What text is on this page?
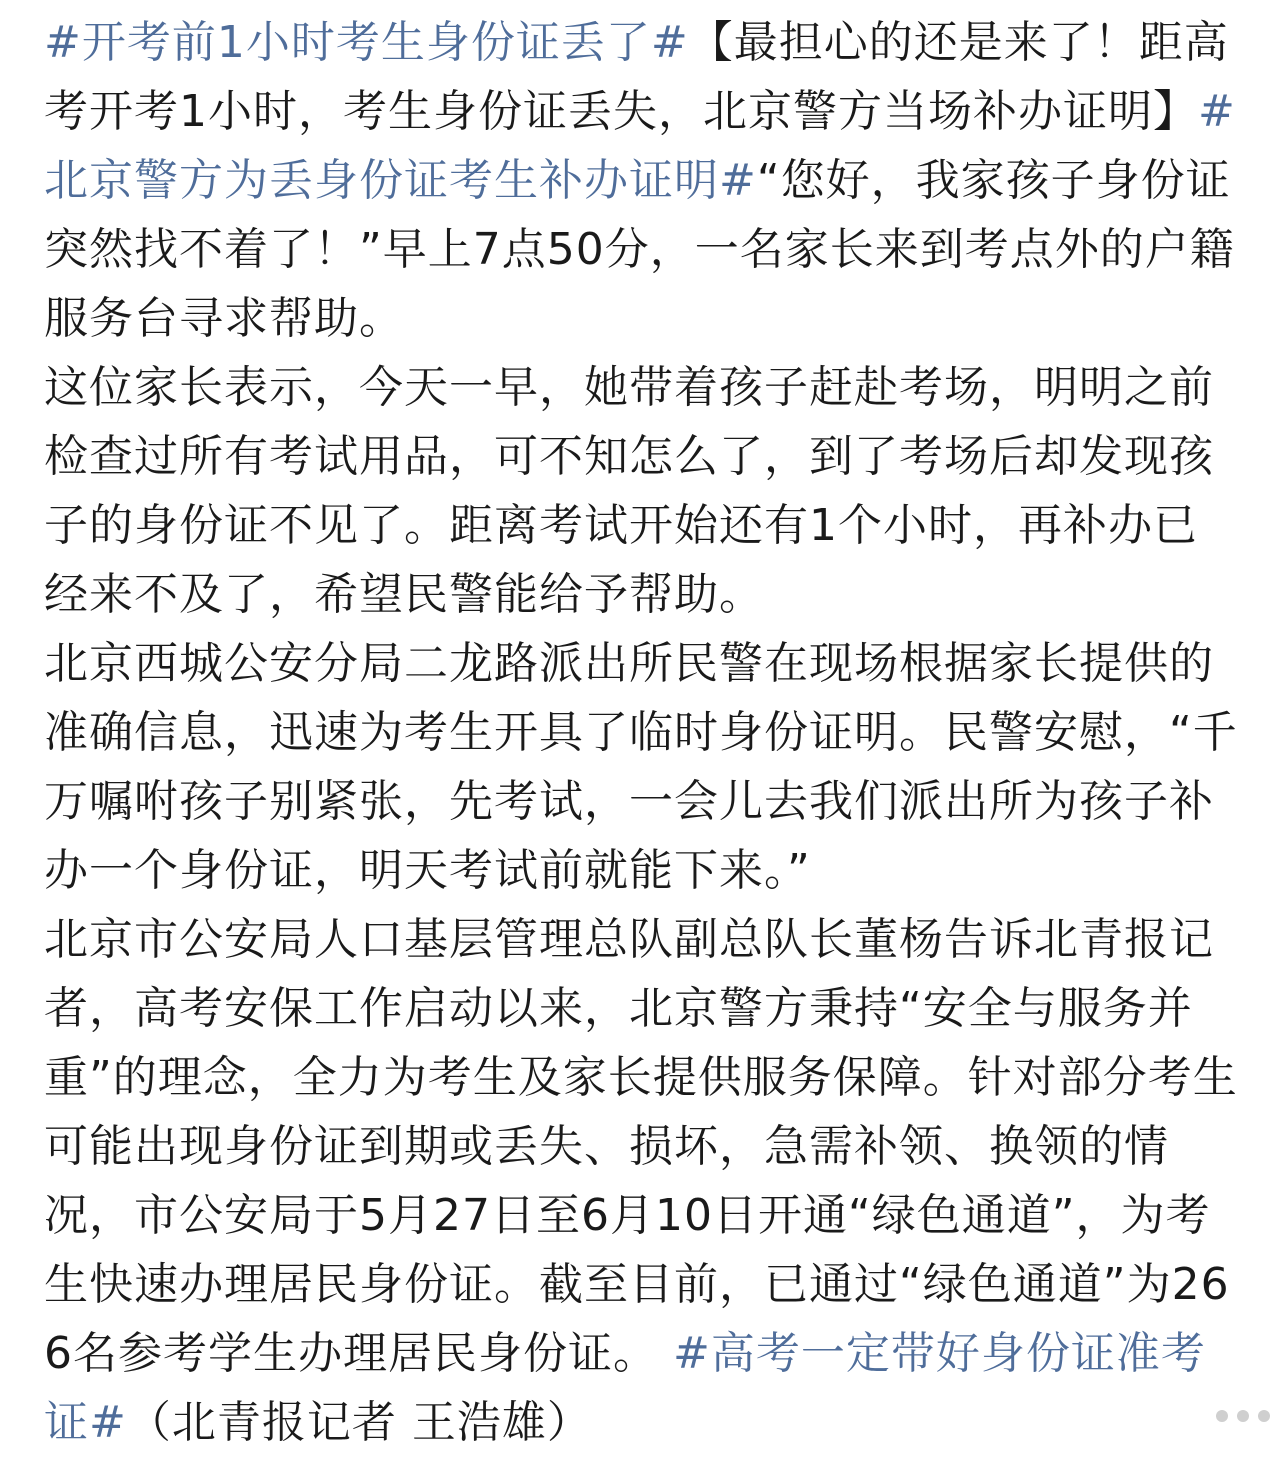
#开考前1小时考生身份证丢了#【最担心的还是来了！距高考开考1小时，考生身份证丢失，北京警方当场补办证明】#北京警方为丢身份证考生补办证明#“您好，我家孩子身份证突然找不着了！”早上7点50分，一名家长来到考点外的户籍服务台寻求帮助。

这位家长表示，今天一早，她带着孩子赶赴考场，明明之前检查过所有考试用品，可不知怎么了，到了考场后却发现孩子的身份证不见了。距离考试开始还有1个小时，再补办已经来不及了，希望民警能给予帮助。

北京西城公安分局二龙路派出所民警在现场根据家长提供的准确信息，迅速为考生开具了临时身份证明。民警安慰，“千万嘱咐孩子别紧张，先考试，一会儿去我们派出所为孩子补办一个身份证，明天考试前就能下来。”

北京市公安局人口基层管理总队副总队长董杨告诉北青报记者，高考安保工作启动以来，北京警方秉持“安全与服务并重”的理念，全力为考生及家长提供服务保障。针对部分考生可能出现身份证到期或丢失、损坏，急需补领、换领的情况，市公安局于5月27日至6月10日开通“绿色通道”，为考生快速办理居民身份证。截至目前，已通过“绿色通道”为266名参考学生办理居民身份证。 #高考一定带好身份证准考证#（北青报记者 王浩雄）
